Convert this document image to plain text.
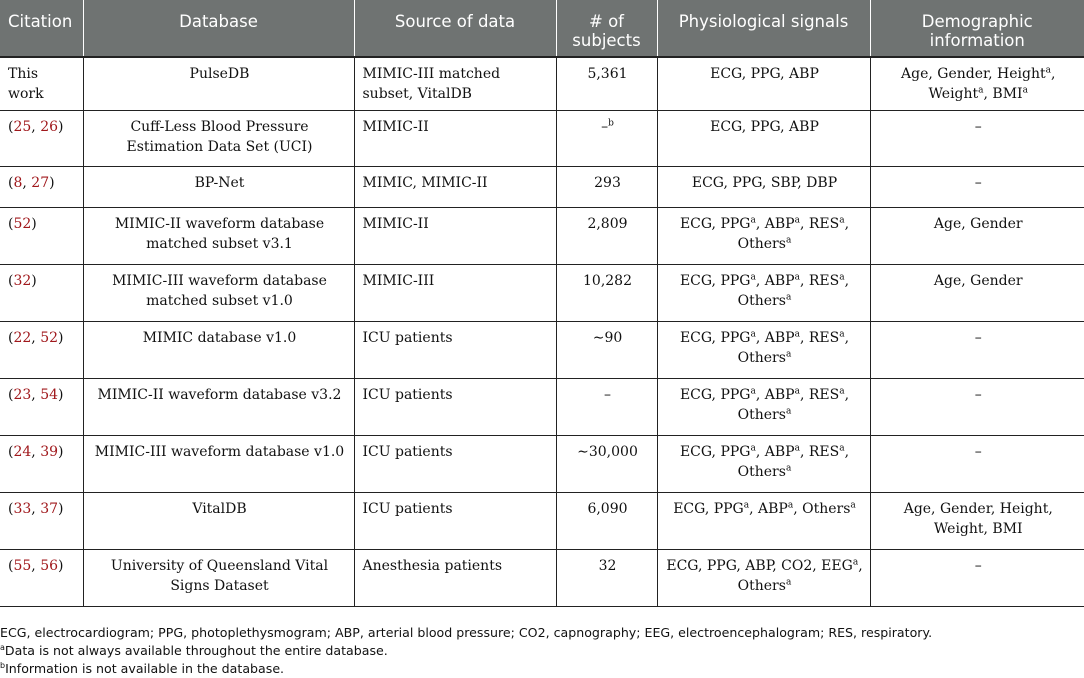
Citation	Database	Source of data	# of subjects	Physiological signals	Demographic information
This work	PulseDB	MIMIC-III matched subset, VitalDB	5,361	ECG, PPG, ABP	Age, Gender, Height$^a$, Weight$^a$, BMI$^a$
(25, 26)	Cuff-Less Blood Pressure Estimation Data Set (UCI)	MIMIC-II	–$^b$	ECG, PPG, ABP	–
(8, 27)	BP-Net	MIMIC, MIMIC-II	293	ECG, PPG, SBP, DBP	–
(52)	MIMIC-II waveform database matched subset v3.1	MIMIC-II	2,809	ECG, PPG$^a$, ABP$^a$, RES$^a$, Others$^a$	Age, Gender
(32)	MIMIC-III waveform database matched subset v1.0	MIMIC-III	10,282	ECG, PPG$^a$, ABP$^a$, RES$^a$, Others$^a$	Age, Gender
(22, 52)	MIMIC database v1.0	ICU patients	∼90	ECG, PPG$^a$, ABP$^a$, RES$^a$, Others$^a$	–
(23, 54)	MIMIC-II waveform database v3.2	ICU patients	–	ECG, PPG$^a$, ABP$^a$, RES$^a$, Others$^a$	–
(24, 39)	MIMIC-III waveform database v1.0	ICU patients	∼30,000	ECG, PPG$^a$, ABP$^a$, RES$^a$, Others$^a$	–
(33, 37)	VitalDB	ICU patients	6,090	ECG, PPG$^a$, ABP$^a$, Others$^a$	Age, Gender, Height, Weight, BMI
(55, 56)	University of Queensland Vital Signs Dataset	Anesthesia patients	32	ECG, PPG, ABP, CO2, EEG$^a$, Others$^a$	–
ECG, electrocardiogram; PPG, photoplethysmogram; ABP, arterial blood pressure; CO2, capnography; EEG, electroencephalogram; RES, respiratory.
$^a$Data is not always available throughout the entire database.
$^b$Information is not available in the database.
